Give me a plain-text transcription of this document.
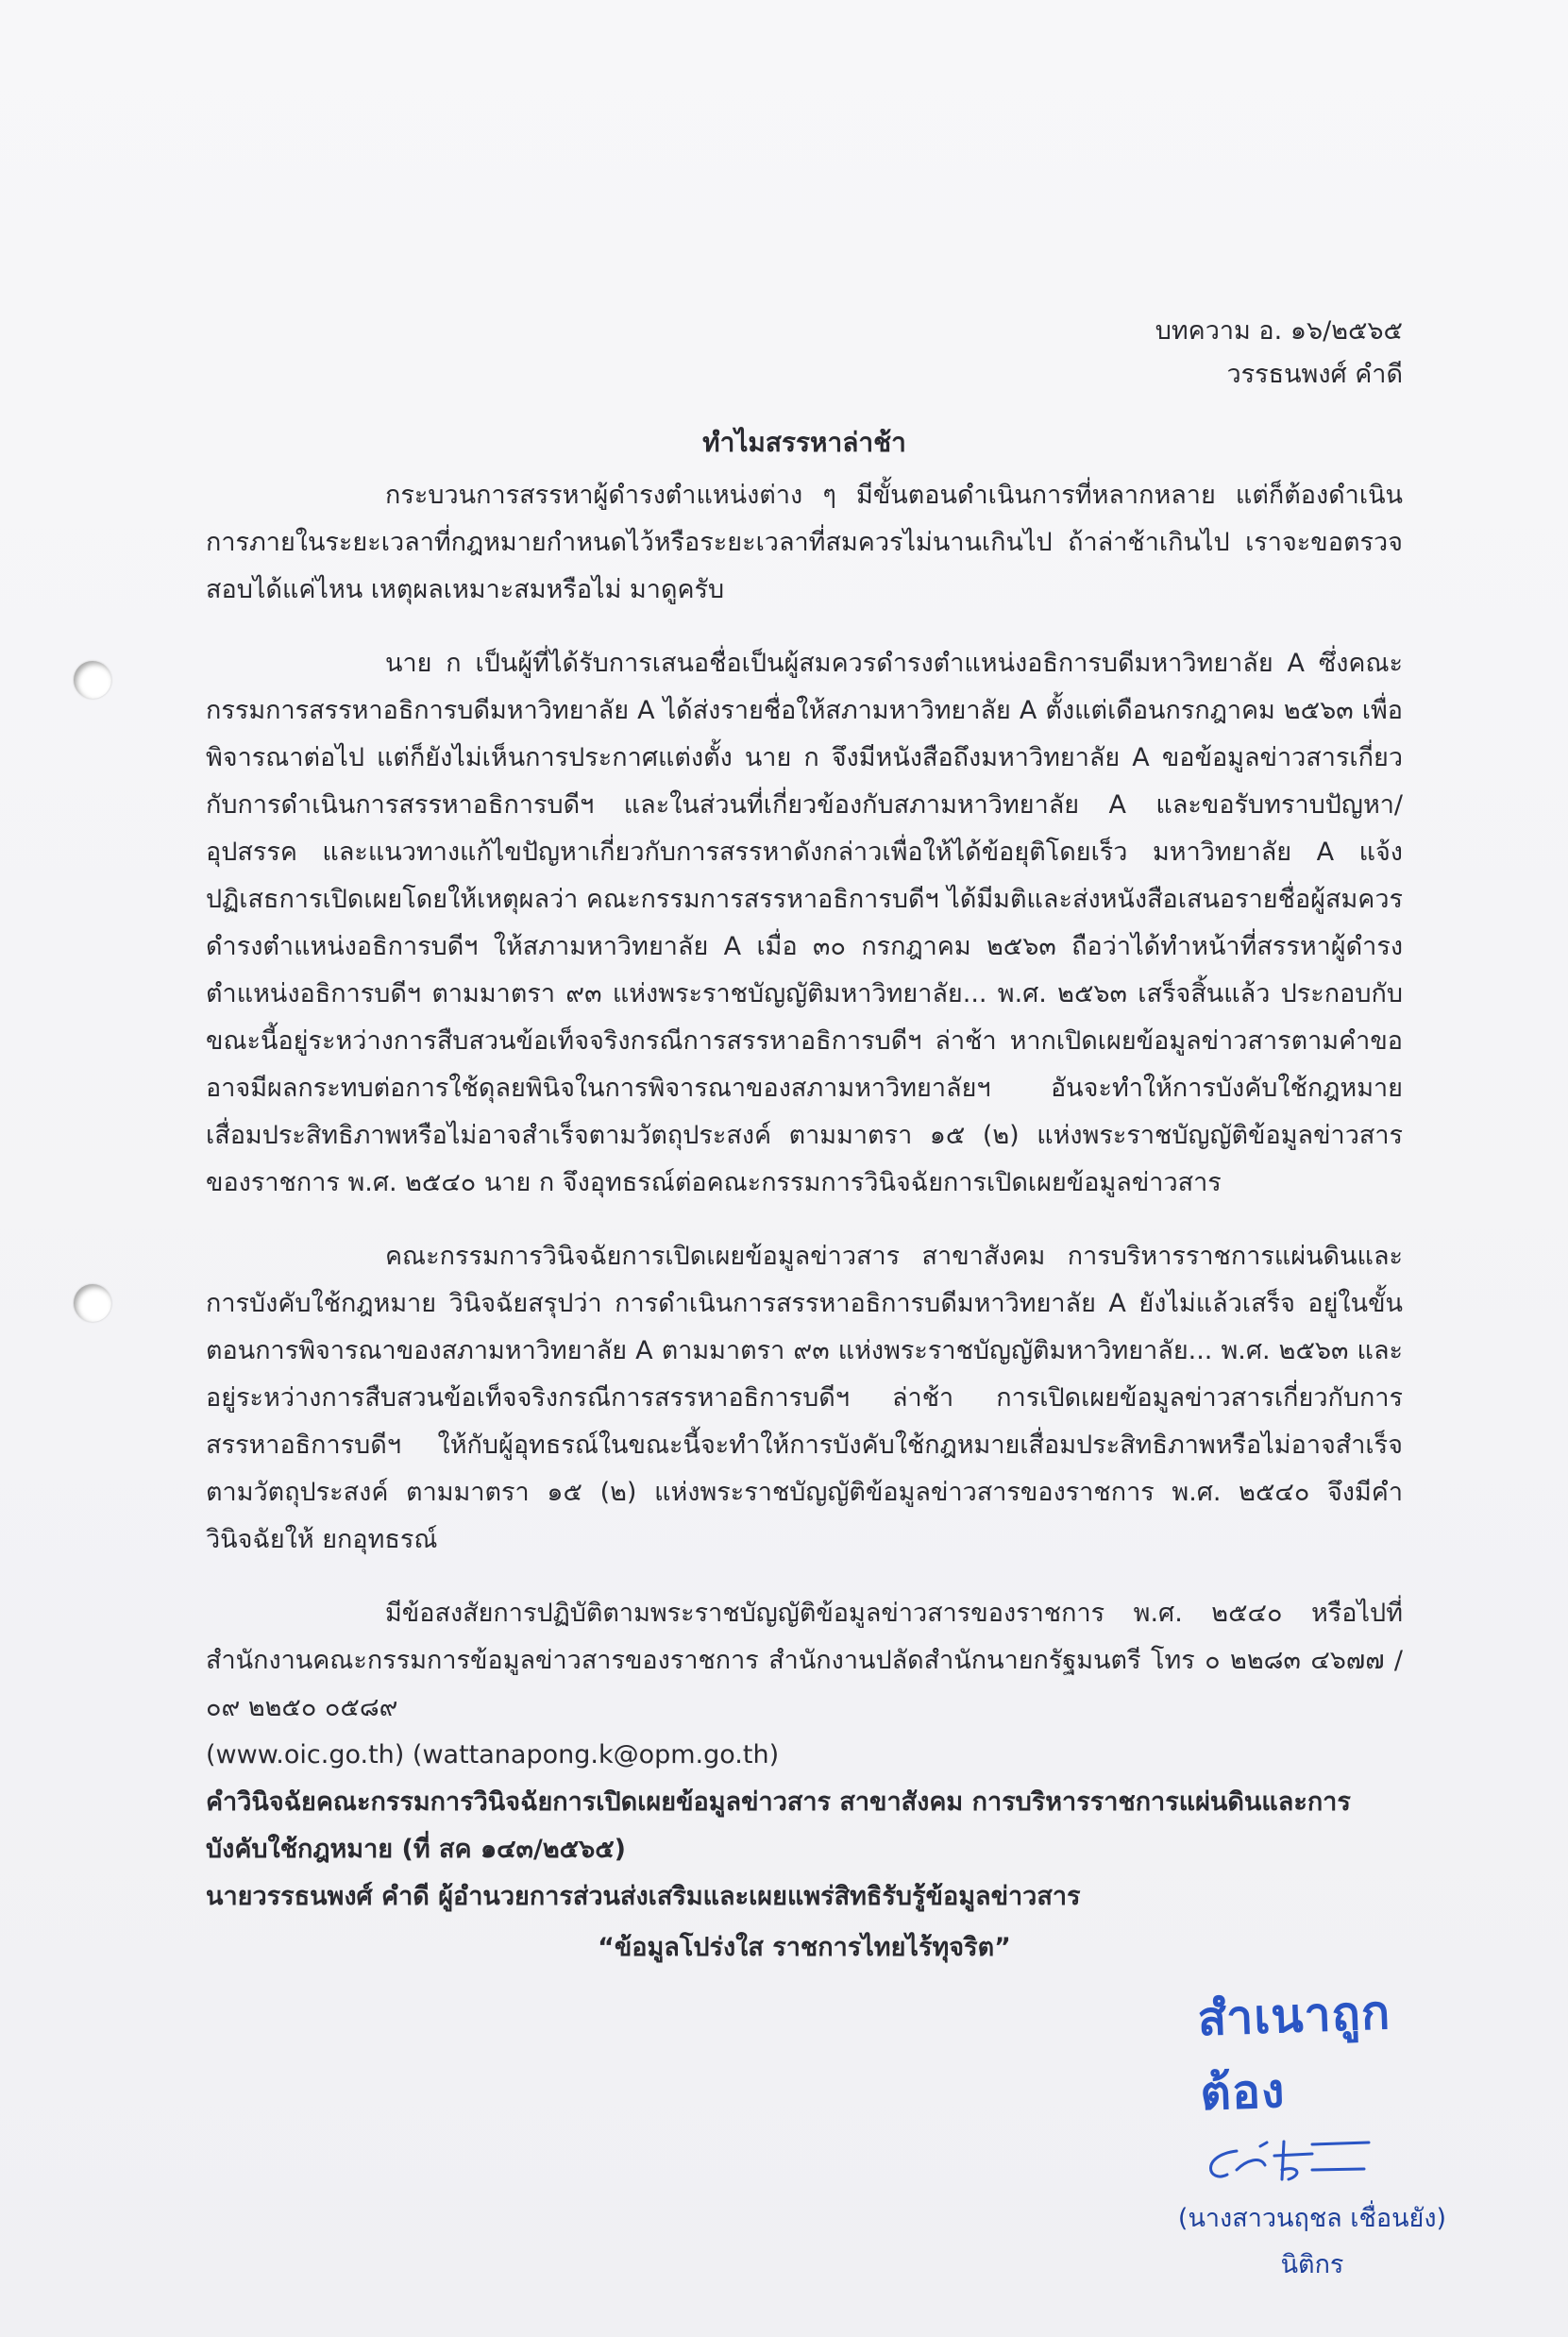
บทความ อ. ๑๖/๒๕๖๕
วรรธนพงศ์ คำดี
ทำไมสรรหาล่าช้า

กระบวนการสรรหาผู้ดำรงตำแหน่งต่าง ๆ มีขั้นตอนดำเนินการที่หลากหลาย แต่ก็ต้องดำเนินการภายในระยะเวลาที่กฎหมายกำหนดไว้หรือระยะเวลาที่สมควรไม่นานเกินไป ถ้าล่าช้าเกินไป เราจะขอตรวจสอบได้แค่ไหน เหตุผลเหมาะสมหรือไม่ มาดูครับ

นาย ก เป็นผู้ที่ได้รับการเสนอชื่อเป็นผู้สมควรดำรงตำแหน่งอธิการบดีมหาวิทยาลัย A ซึ่งคณะกรรมการสรรหาอธิการบดีมหาวิทยาลัย A ได้ส่งรายชื่อให้สภามหาวิทยาลัย A ตั้งแต่เดือนกรกฎาคม ๒๕๖๓ เพื่อพิจารณาต่อไป แต่ก็ยังไม่เห็นการประกาศแต่งตั้ง นาย ก จึงมีหนังสือถึงมหาวิทยาลัย A ขอข้อมูลข่าวสารเกี่ยวกับการดำเนินการสรรหาอธิการบดีฯ และในส่วนที่เกี่ยวข้องกับสภามหาวิทยาลัย A และขอรับทราบปัญหา/อุปสรรค และแนวทางแก้ไขปัญหาเกี่ยวกับการสรรหาดังกล่าวเพื่อให้ได้ข้อยุติโดยเร็ว มหาวิทยาลัย A แจ้งปฏิเสธการเปิดเผยโดยให้เหตุผลว่า คณะกรรมการสรรหาอธิการบดีฯ ได้มีมติและส่งหนังสือเสนอรายชื่อผู้สมควรดำรงตำแหน่งอธิการบดีฯ ให้สภามหาวิทยาลัย A เมื่อ ๓๐ กรกฎาคม ๒๕๖๓ ถือว่าได้ทำหน้าที่สรรหาผู้ดำรงตำแหน่งอธิการบดีฯ ตามมาตรา ๙๓ แห่งพระราชบัญญัติมหาวิทยาลัย... พ.ศ. ๒๕๖๓ เสร็จสิ้นแล้ว ประกอบกับขณะนี้อยู่ระหว่างการสืบสวนข้อเท็จจริงกรณีการสรรหาอธิการบดีฯ ล่าช้า หากเปิดเผยข้อมูลข่าวสารตามคำขออาจมีผลกระทบต่อการใช้ดุลยพินิจในการพิจารณาของสภามหาวิทยาลัยฯ อันจะทำให้การบังคับใช้กฎหมายเสื่อมประสิทธิภาพหรือไม่อาจสำเร็จตามวัตถุประสงค์ ตามมาตรา ๑๕ (๒) แห่งพระราชบัญญัติข้อมูลข่าวสารของราชการ พ.ศ. ๒๕๔๐ นาย ก จึงอุทธรณ์ต่อคณะกรรมการวินิจฉัยการเปิดเผยข้อมูลข่าวสาร

คณะกรรมการวินิจฉัยการเปิดเผยข้อมูลข่าวสาร สาขาสังคม การบริหารราชการแผ่นดินและการบังคับใช้กฎหมาย วินิจฉัยสรุปว่า การดำเนินการสรรหาอธิการบดีมหาวิทยาลัย A ยังไม่แล้วเสร็จ อยู่ในขั้นตอนการพิจารณาของสภามหาวิทยาลัย A ตามมาตรา ๙๓ แห่งพระราชบัญญัติมหาวิทยาลัย... พ.ศ. ๒๕๖๓ และอยู่ระหว่างการสืบสวนข้อเท็จจริงกรณีการสรรหาอธิการบดีฯ ล่าช้า การเปิดเผยข้อมูลข่าวสารเกี่ยวกับการสรรหาอธิการบดีฯ ให้กับผู้อุทธรณ์ในขณะนี้จะทำให้การบังคับใช้กฎหมายเสื่อมประสิทธิภาพหรือไม่อาจสำเร็จตามวัตถุประสงค์ ตามมาตรา ๑๕ (๒) แห่งพระราชบัญญัติข้อมูลข่าวสารของราชการ พ.ศ. ๒๕๔๐ จึงมีคำวินิจฉัยให้ ยกอุทธรณ์

มีข้อสงสัยการปฏิบัติตามพระราชบัญญัติข้อมูลข่าวสารของราชการ พ.ศ. ๒๕๔๐ หรือไปที่สำนักงานคณะกรรมการข้อมูลข่าวสารของราชการ สำนักงานปลัดสำนักนายกรัฐมนตรี โทร ๐ ๒๒๘๓ ๔๖๗๗ / ๐๙ ๒๒๕๐ ๐๕๘๙

(www.oic.go.th) (wattanapong.k@opm.go.th)

คำวินิจฉัยคณะกรรมการวินิจฉัยการเปิดเผยข้อมูลข่าวสาร สาขาสังคม การบริหารราชการแผ่นดินและการบังคับใช้กฎหมาย (ที่ สค ๑๔๓/๒๕๖๕)

นายวรรธนพงศ์ คำดี ผู้อำนวยการส่วนส่งเสริมและเผยแพร่สิทธิรับรู้ข้อมูลข่าวสาร

“ข้อมูลโปร่งใส ราชการไทยไร้ทุจริต”
สำเนาถูกต้อง
(นางสาวนฤชล เชื่อนยัง)
นิติกร
